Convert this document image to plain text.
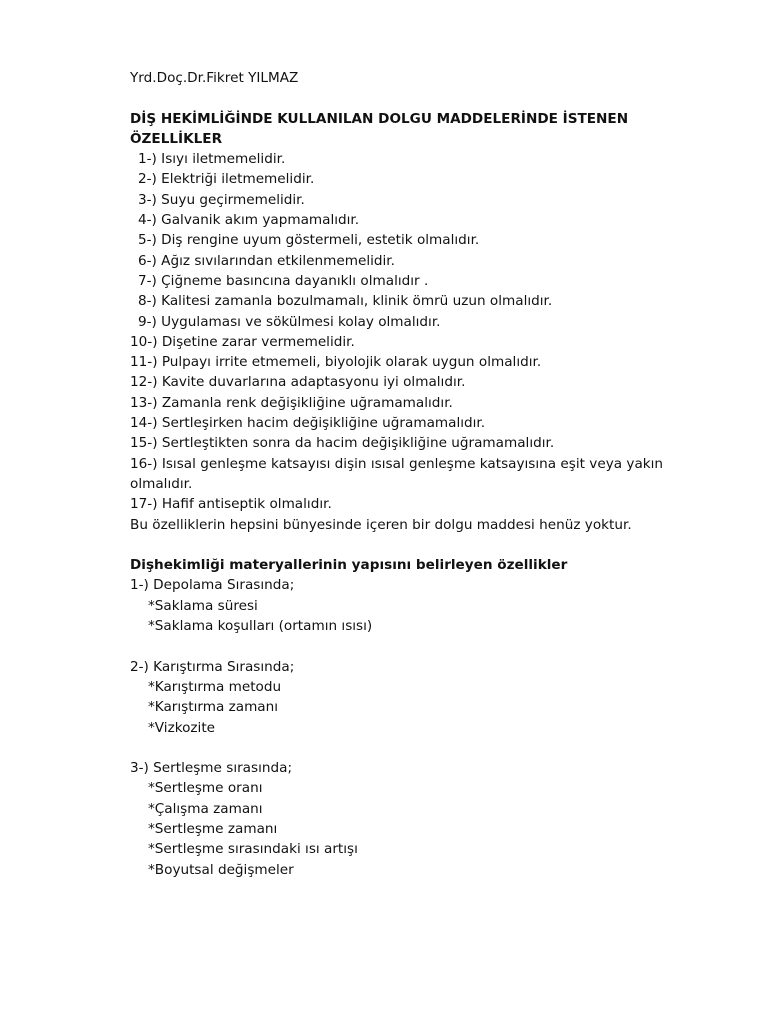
Yrd.Doç.Dr.Fikret YILMAZ

DİŞ HEKİMLİĞİNDE KULLANILAN DOLGU MADDELERİNDE İSTENEN ÖZELLİKLER

1-) Isıyı iletmemelidir.

2-) Elektriği iletmemelidir.

3-) Suyu geçirmemelidir.

4-) Galvanik akım yapmamalıdır.

5-) Diş rengine uyum göstermeli, estetik olmalıdır.

6-) Ağız sıvılarından etkilenmemelidir.

7-) Çiğneme basıncına dayanıklı olmalıdır .

8-) Kalitesi zamanla bozulmamalı, klinik ömrü uzun olmalıdır.

9-) Uygulaması ve sökülmesi kolay olmalıdır.

10-) Dişetine zarar vermemelidir.

11-) Pulpayı irrite etmemeli, biyolojik olarak uygun olmalıdır.

12-) Kavite duvarlarına adaptasyonu iyi olmalıdır.

13-) Zamanla renk değişikliğine uğramamalıdır.

14-) Sertleşirken hacim değişikliğine uğramamalıdır.

15-) Sertleştikten sonra da hacim değişikliğine uğramamalıdır.

16-) Isısal genleşme katsayısı dişin ısısal genleşme katsayısına eşit veya yakın olmalıdır.

17-) Hafif antiseptik olmalıdır.

Bu özelliklerin hepsini bünyesinde içeren bir dolgu maddesi henüz yoktur.

Dişhekimliği materyallerinin yapısını belirleyen özellikler

1-) Depolama Sırasında;

*Saklama süresi

*Saklama koşulları (ortamın ısısı)

2-) Karıştırma Sırasında;

*Karıştırma metodu

*Karıştırma zamanı

*Vizkozite

3-) Sertleşme sırasında;

*Sertleşme oranı

*Çalışma zamanı

*Sertleşme zamanı

*Sertleşme sırasındaki ısı artışı

*Boyutsal değişmeler
